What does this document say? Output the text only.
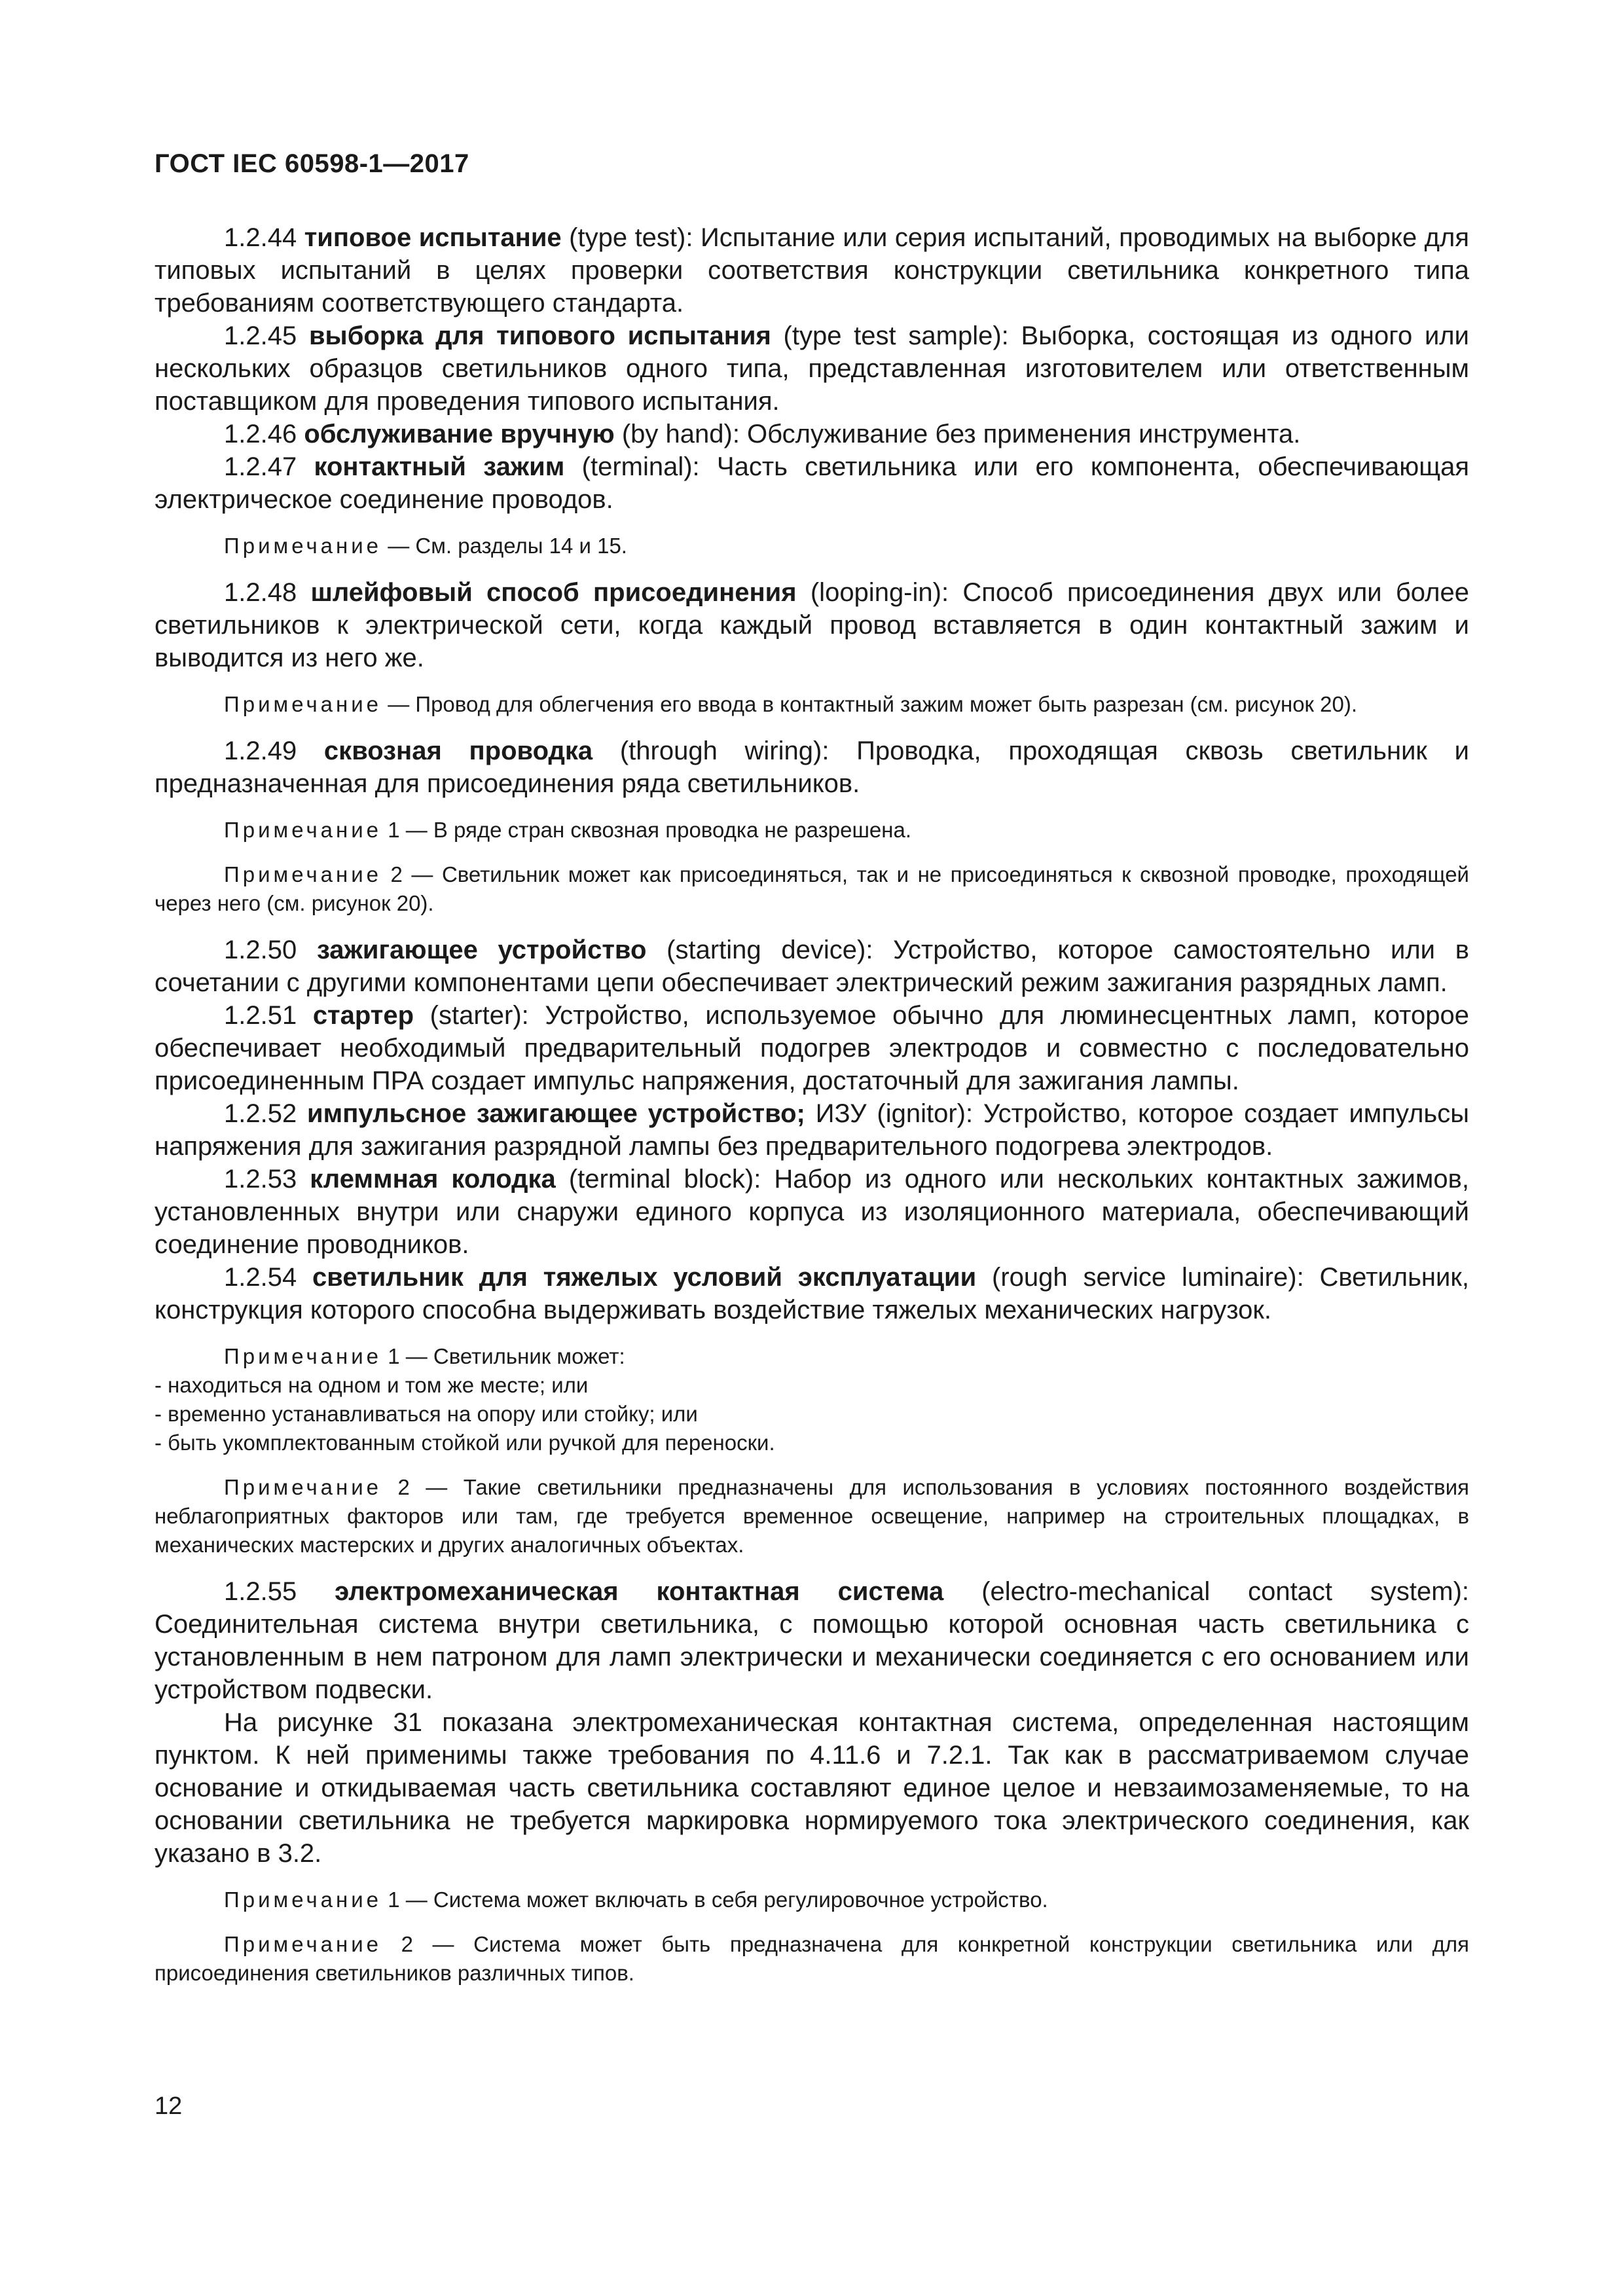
ГОСТ IEC 60598-1—2017

1.2.44 типовое испытание (type test): Испытание или серия испытаний, проводимых на выборке для типовых испытаний в целях проверки соответствия конструкции светильника конкретного типа требованиям соответствующего стандарта.

1.2.45 выборка для типового испытания (type test sample): Выборка, состоящая из одного или нескольких образцов светильников одного типа, представленная изготовителем или ответственным поставщиком для проведения типового испытания.

1.2.46 обслуживание вручную (by hand): Обслуживание без применения инструмента.

1.2.47 контактный зажим (terminal): Часть светильника или его компонента, обеспечивающая электрическое соединение проводов.

Примечание — См. разделы 14 и 15.

1.2.48 шлейфовый способ присоединения (looping-in): Способ присоединения двух или более светильников к электрической сети, когда каждый провод вставляется в один контактный зажим и выводится из него же.

Примечание — Провод для облегчения его ввода в контактный зажим может быть разрезан (см. рисунок 20).

1.2.49 сквозная проводка (through wiring): Проводка, проходящая сквозь светильник и предназначенная для присоединения ряда светильников.

Примечание 1 — В ряде стран сквозная проводка не разрешена.

Примечание 2 — Светильник может как присоединяться, так и не присоединяться к сквозной проводке, проходящей через него (см. рисунок 20).

1.2.50 зажигающее устройство (starting device): Устройство, которое самостоятельно или в сочетании с другими компонентами цепи обеспечивает электрический режим зажигания разрядных ламп.

1.2.51 стартер (starter): Устройство, используемое обычно для люминесцентных ламп, которое обеспечивает необходимый предварительный подогрев электродов и совместно с последовательно присоединенным ПРА создает импульс напряжения, достаточный для зажигания лампы.

1.2.52 импульсное зажигающее устройство; ИЗУ (ignitor): Устройство, которое создает импульсы напряжения для зажигания разрядной лампы без предварительного подогрева электродов.

1.2.53 клеммная колодка (terminal block): Набор из одного или нескольких контактных зажимов, установленных внутри или снаружи единого корпуса из изоляционного материала, обеспечивающий соединение проводников.

1.2.54 светильник для тяжелых условий эксплуатации (rough service luminaire): Светильник, конструкция которого способна выдерживать воздействие тяжелых механических нагрузок.

Примечание 1 — Светильник может:

- находиться на одном и том же месте; или
- временно устанавливаться на опору или стойку; или
- быть укомплектованным стойкой или ручкой для переноски.

Примечание 2 — Такие светильники предназначены для использования в условиях постоянного воздействия неблагоприятных факторов или там, где требуется временное освещение, например на строительных площадках, в механических мастерских и других аналогичных объектах.

1.2.55 электромеханическая контактная система (electro-mechanical contact system): Соединительная система внутри светильника, с помощью которой основная часть светильника с установленным в нем патроном для ламп электрически и механически соединяется с его основанием или устройством подвески.

На рисунке 31 показана электромеханическая контактная система, определенная настоящим пунктом. К ней применимы также требования по 4.11.6 и 7.2.1. Так как в рассматриваемом случае основание и откидываемая часть светильника составляют единое целое и невзаимозаменяемые, то на основании светильника не требуется маркировка нормируемого тока электрического соединения, как указано в 3.2.

Примечание 1 — Система может включать в себя регулировочное устройство.

Примечание 2 — Система может быть предназначена для конкретной конструкции светильника или для присоединения светильников различных типов.

12
